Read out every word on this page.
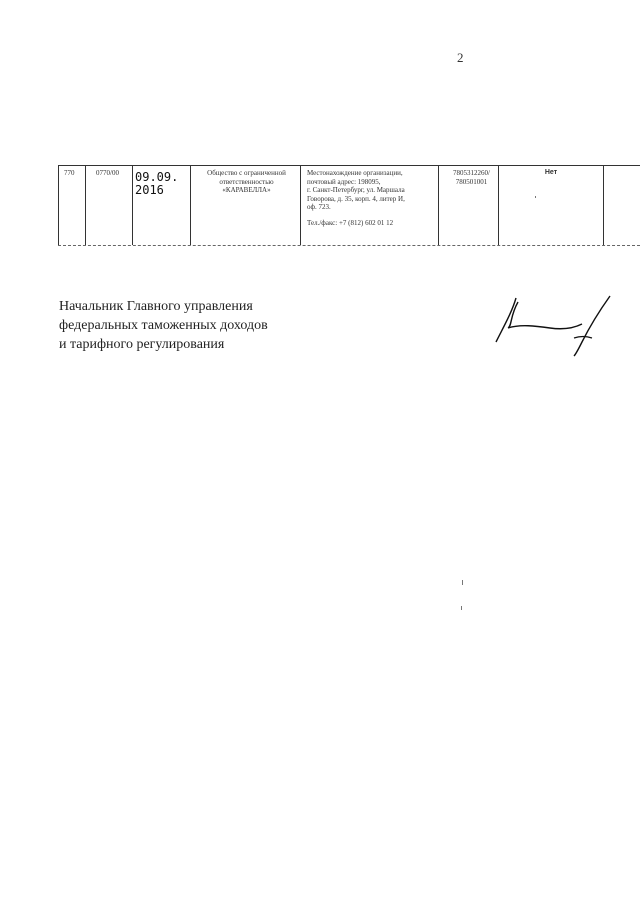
2
770	0770/00	09.09.
2016
Общество с ограниченной ответственностью «КАРАВЕЛЛА»
Местонахождение организации,
почтовый адрес: 198095,
г. Санкт-Петербург, ул. Маршала
Говорова, д. 35, корп. 4, литер И,
оф. 723.
Тел./факс: +7 (812) 602 01 12
7805312260/
780501001
Нет
Начальник Главного управления
федеральных таможенных доходов
и тарифного регулирования
